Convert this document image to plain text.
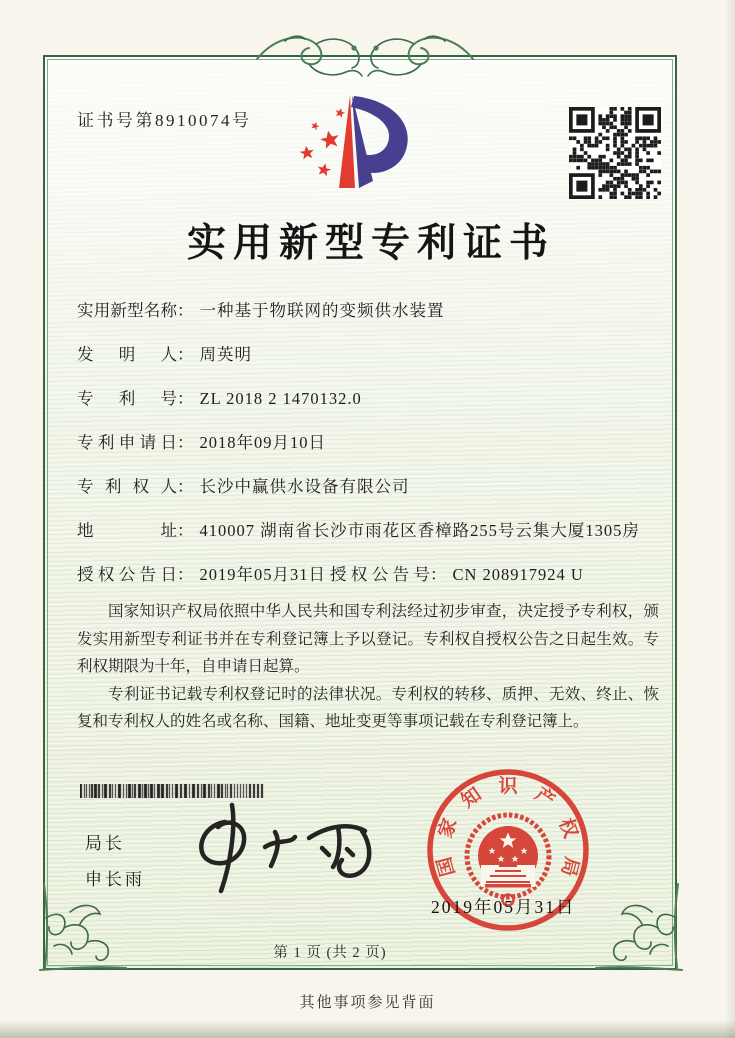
证书号第8910074号
实用新型专利证书
实用新型名称： 一种基于物联网的变频供水装置
发明人： 周英明
专利号： ZL 2018 2 1470132.0
专利申请日： 2018年09月10日
专利权人： 长沙中赢供水设备有限公司
地址： 410007 湖南省长沙市雨花区香樟路255号云集大厦1305房
授权公告日： 2019年05月31日 授权公告号： CN 208917924 U

国家知识产权局依照中华人民共和国专利法经过初步审查，决定授予专利权，颁发实用新型专利证书并在专利登记簿上予以登记。专利权自授权公告之日起生效。专利权期限为十年，自申请日起算。

专利证书记载专利权登记时的法律状况。专利权的转移、质押、无效、终止、恢复和专利权人的姓名或名称、国籍、地址变更等事项记载在专利登记簿上。

局长
申长雨
国
家
知 识 产
权
局
2019年05月31日
第 1 页 (共 2 页)
其他事项参见背面
